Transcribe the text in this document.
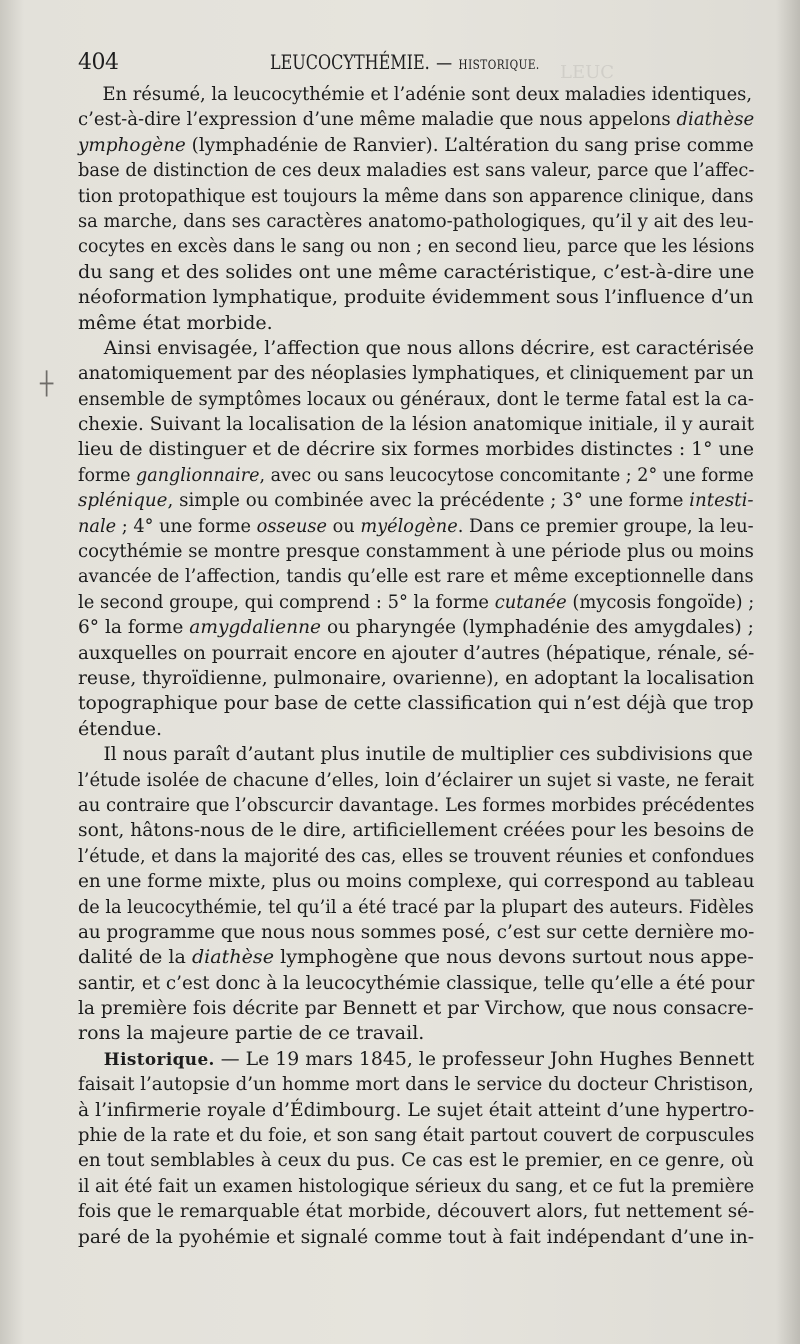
LEUC
404	LEUCOCYTHÉMIE. — HISTORIQUE.
┼
En résumé, la leucocythémie et l’adénie sont deux maladies identiques,
c’est-à-dire l’expression d’une même maladie que nous appelons diathèse
ymphogène (lymphadénie de Ranvier). L’altération du sang prise comme
base de distinction de ces deux maladies est sans valeur, parce que l’affec-
tion protopathique est toujours la même dans son apparence clinique, dans
sa marche, dans ses caractères anatomo-pathologiques, qu’il y ait des leu-
cocytes en excès dans le sang ou non ; en second lieu, parce que les lésions
du sang et des solides ont une même caractéristique, c’est-à-dire une
néoformation lymphatique, produite évidemment sous l’influence d’un
même état morbide.
Ainsi envisagée, l’affection que nous allons décrire, est caractérisée
anatomiquement par des néoplasies lymphatiques, et cliniquement par un
ensemble de symptômes locaux ou généraux, dont le terme fatal est la ca-
chexie. Suivant la localisation de la lésion anatomique initiale, il y aurait
lieu de distinguer et de décrire six formes morbides distinctes : 1° une
forme ganglionnaire, avec ou sans leucocytose concomitante ; 2° une forme
splénique, simple ou combinée avec la précédente ; 3° une forme intesti-
nale ; 4° une forme osseuse ou myélogène. Dans ce premier groupe, la leu-
cocythémie se montre presque constamment à une période plus ou moins
avancée de l’affection, tandis qu’elle est rare et même exceptionnelle dans
le second groupe, qui comprend : 5° la forme cutanée (mycosis fongoïde) ;
6° la forme amygdalienne ou pharyngée (lymphadénie des amygdales) ;
auxquelles on pourrait encore en ajouter d’autres (hépatique, rénale, sé-
reuse, thyroïdienne, pulmonaire, ovarienne), en adoptant la localisation
topographique pour base de cette classification qui n’est déjà que trop
étendue.
Il nous paraît d’autant plus inutile de multiplier ces subdivisions que
l’étude isolée de chacune d’elles, loin d’éclairer un sujet si vaste, ne ferait
au contraire que l’obscurcir davantage. Les formes morbides précédentes
sont, hâtons-nous de le dire, artificiellement créées pour les besoins de
l’étude, et dans la majorité des cas, elles se trouvent réunies et confondues
en une forme mixte, plus ou moins complexe, qui correspond au tableau
de la leucocythémie, tel qu’il a été tracé par la plupart des auteurs. Fidèles
au programme que nous nous sommes posé, c’est sur cette dernière mo-
dalité de la diathèse lymphogène que nous devons surtout nous appe-
santir, et c’est donc à la leucocythémie classique, telle qu’elle a été pour
la première fois décrite par Bennett et par Virchow, que nous consacre-
rons la majeure partie de ce travail.
Historique. — Le 19 mars 1845, le professeur John Hughes Bennett
faisait l’autopsie d’un homme mort dans le service du docteur Christison,
à l’infirmerie royale d’Édimbourg. Le sujet était atteint d’une hypertro-
phie de la rate et du foie, et son sang était partout couvert de corpuscules
en tout semblables à ceux du pus. Ce cas est le premier, en ce genre, où
il ait été fait un examen histologique sérieux du sang, et ce fut la première
fois que le remarquable état morbide, découvert alors, fut nettement sé-
paré de la pyohémie et signalé comme tout à fait indépendant d’une in-
